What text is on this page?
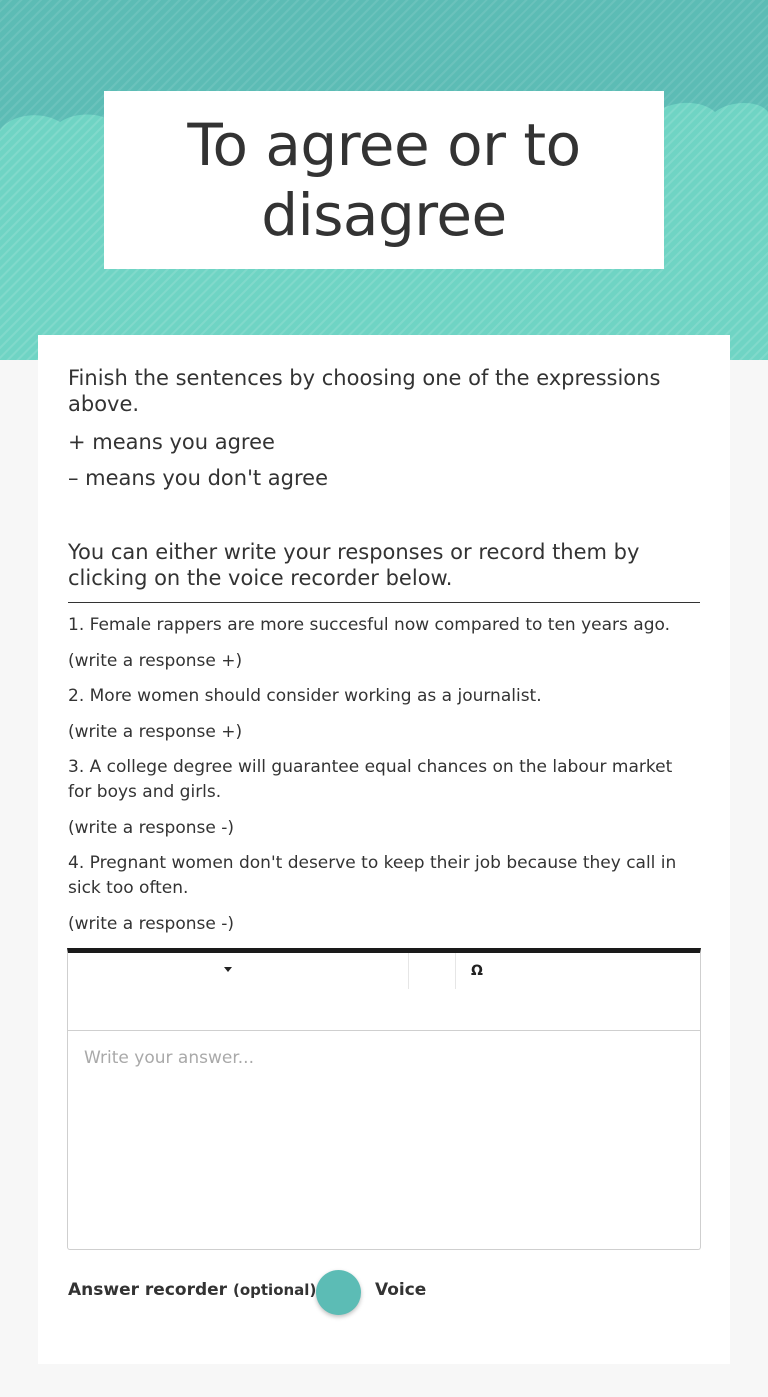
To agree or to disagree

Finish the sentences by choosing one of the expressions above.

+ means you agree

– means you don't agree

You can either write your responses or record them by clicking on the voice recorder below.

1. Female rappers are more succesful now compared to ten years ago.

(write a response +)

2. More women should consider working as a journalist.

(write a response +)

3. A college degree will guarantee equal chances on the labour market for boys and girls.

(write a response -)

4. Pregnant women don't deserve to keep their job because they call in sick too often.

(write a response -)

Ω
Write your answer...
Answer recorder (optional)	Voice
